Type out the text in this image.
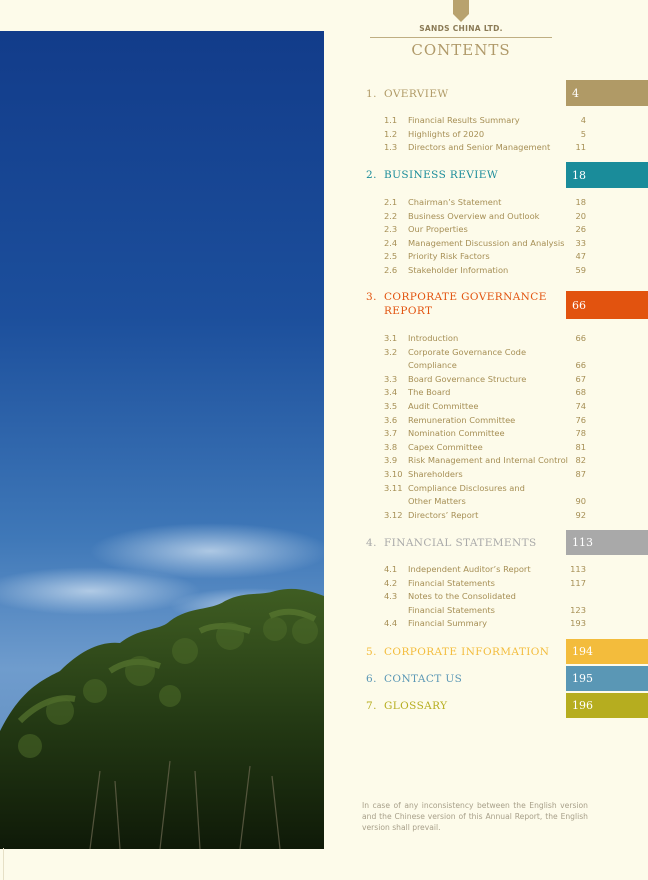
SANDS CHINA LTD.
CONTENTS
1. OVERVIEW	4
1.1 Financial Results Summary	4
1.2 Highlights of 2020	5
1.3 Directors and Senior Management	11
2. BUSINESS REVIEW	18
2.1 Chairman’s Statement	18
2.2 Business Overview and Outlook	20
2.3 Our Properties	26
2.4 Management Discussion and Analysis 33
2.5 Priority Risk Factors	47
2.6 Stakeholder Information	59
3. CORPORATE GOVERNANCE
REPORT	66
3.1 Introduction	66
3.2 Corporate Governance Code
Compliance	66
3.3 Board Governance Structure	67
3.4 The Board	68
3.5 Audit Committee	74
3.6 Remuneration Committee	76
3.7 Nomination Committee	78
3.8 Capex Committee	81
3.9 Risk Management and Internal Control 82
3.10 Shareholders	87
3.11 Compliance Disclosures and
Other Matters	90
3.12 Directors’ Report	92
4. FINANCIAL STATEMENTS	113
4.1 Independent Auditor’s Report	113
4.2 Financial Statements	117
4.3 Notes to the Consolidated
Financial Statements	123
4.4 Financial Summary	193
5. CORPORATE INFORMATION	194
6. CONTACT US	195
7. GLOSSARY	196
In case of any inconsistency between the English version and the Chinese version of this Annual Report, the English version shall prevail.
